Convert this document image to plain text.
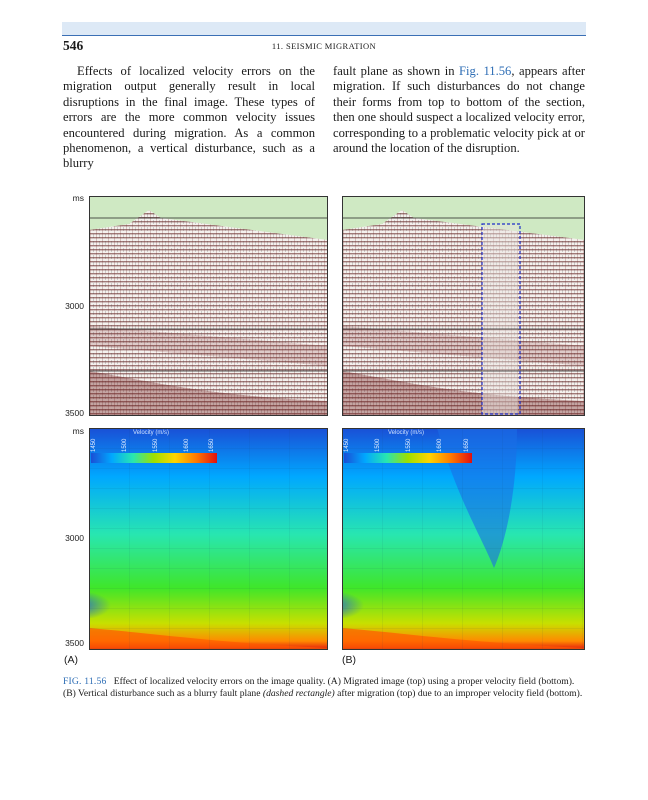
546	11. SEISMIC MIGRATION
Effects of localized velocity errors on the migration output generally result in local disruptions in the final image. These types of errors are the more common velocity issues encountered during migration. As a common phenomenon, a vertical disturbance, such as a blurry
fault plane as shown in Fig. 11.56, appears after migration. If such disturbances do not change their forms from top to bottom of the section, then one should suspect a localized velocity error, corresponding to a problematic velocity pick at or around the location of the disruption.
ms
3000
3500
ms
3000
3500
Velocity (m/s)
1450	1500	1550	1600	1650
Velocity (m/s)
1450	1500	1550	1600	1650
(A)	(B)
FIG. 11.56 Effect of localized velocity errors on the image quality. (A) Migrated image (top) using a proper velocity field (bottom). (B) Vertical disturbance such as a blurry fault plane (dashed rectangle) after migration (top) due to an improper velocity field (bottom).
